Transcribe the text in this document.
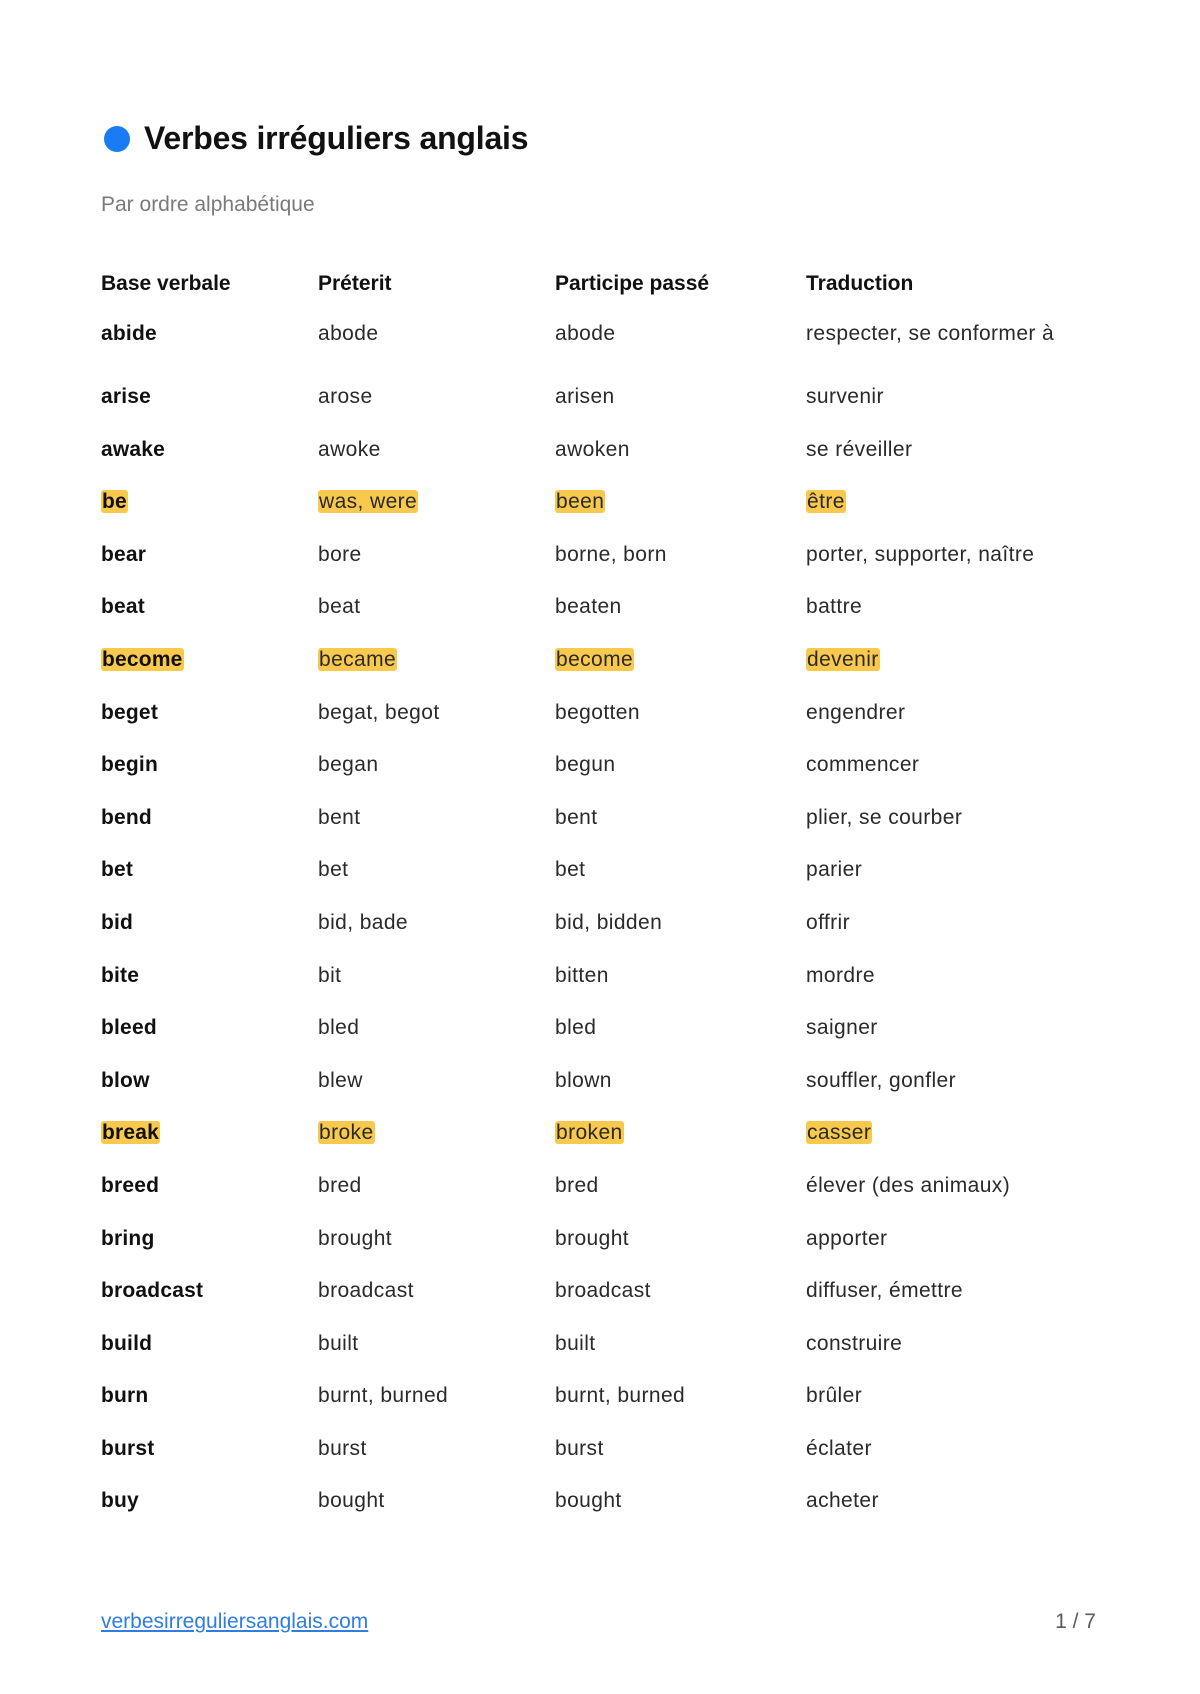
Verbes irréguliers anglais
Par ordre alphabétique
Base verbale	Préterit	Participe passé	Traduction
abide	abode	abode	respecter, se conformer à
arise	arose	arisen	survenir
awake	awoke	awoken	se réveiller
be	was, were	been	être
bear	bore	borne, born	porter, supporter, naître
beat	beat	beaten	battre
become	became	become	devenir
beget	begat, begot	begotten	engendrer
begin	began	begun	commencer
bend	bent	bent	plier, se courber
bet	bet	bet	parier
bid	bid, bade	bid, bidden	offrir
bite	bit	bitten	mordre
bleed	bled	bled	saigner
blow	blew	blown	souffler, gonfler
break	broke	broken	casser
breed	bred	bred	élever (des animaux)
bring	brought	brought	apporter
broadcast	broadcast	broadcast	diffuser, émettre
build	built	built	construire
burn	burnt, burned	burnt, burned	brûler
burst	burst	burst	éclater
buy	bought	bought	acheter
verbesirreguliersanglais.com	1 / 7
